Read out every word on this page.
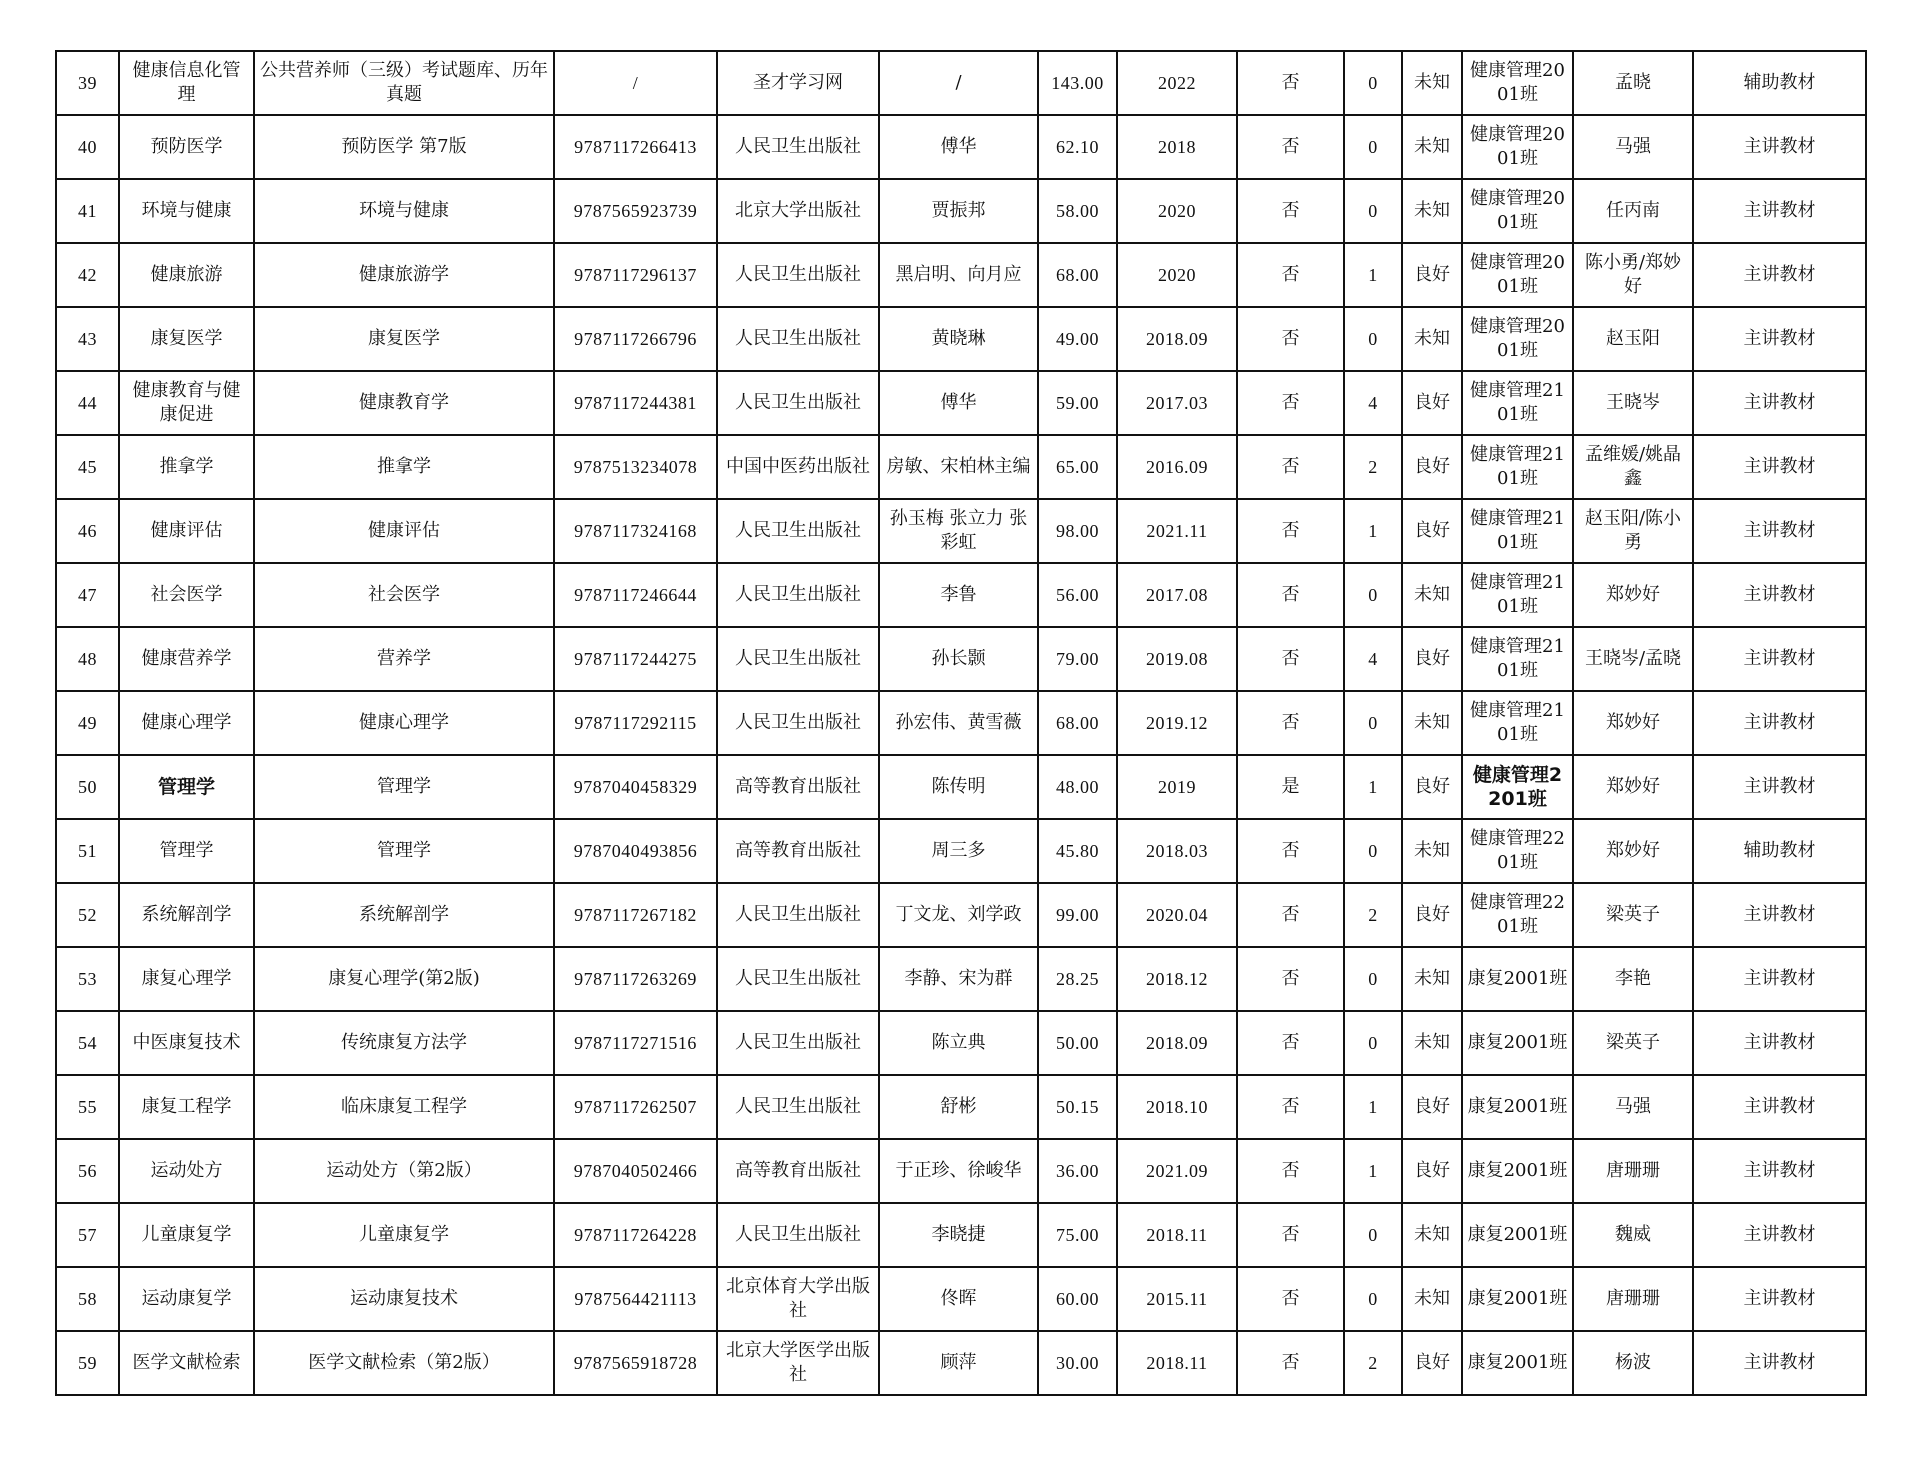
39	健康信息化管理	公共营养师（三级）考试题库、历年真题	/	圣才学习网	/	143.00	2022	否	0	未知	健康管理2001班	孟晓	辅助教材
40	预防医学	预防医学 第7版	9787117266413	人民卫生出版社	傅华	62.10	2018	否	0	未知	健康管理2001班	马强	主讲教材
41	环境与健康	环境与健康	9787565923739	北京大学出版社	贾振邦	58.00	2020	否	0	未知	健康管理2001班	任丙南	主讲教材
42	健康旅游	健康旅游学	9787117296137	人民卫生出版社	黑启明、向月应	68.00	2020	否	1	良好	健康管理2001班	陈小勇/郑妙好	主讲教材
43	康复医学	康复医学	9787117266796	人民卫生出版社	黄晓琳	49.00	2018.09	否	0	未知	健康管理2001班	赵玉阳	主讲教材
44	健康教育与健康促进	健康教育学	9787117244381	人民卫生出版社	傅华	59.00	2017.03	否	4	良好	健康管理2101班	王晓岑	主讲教材
45	推拿学	推拿学	9787513234078	中国中医药出版社	房敏、宋柏林主编	65.00	2016.09	否	2	良好	健康管理2101班	孟维媛/姚晶鑫	主讲教材
46	健康评估	健康评估	9787117324168	人民卫生出版社	孙玉梅 张立力 张彩虹	98.00	2021.11	否	1	良好	健康管理2101班	赵玉阳/陈小勇	主讲教材
47	社会医学	社会医学	9787117246644	人民卫生出版社	李鲁	56.00	2017.08	否	0	未知	健康管理2101班	郑妙好	主讲教材
48	健康营养学	营养学	9787117244275	人民卫生出版社	孙长颢	79.00	2019.08	否	4	良好	健康管理2101班	王晓岑/孟晓	主讲教材
49	健康心理学	健康心理学	9787117292115	人民卫生出版社	孙宏伟、黄雪薇	68.00	2019.12	否	0	未知	健康管理2101班	郑妙好	主讲教材
50	管理学	管理学	9787040458329	高等教育出版社	陈传明	48.00	2019	是	1	良好	健康管理2201班	郑妙好	主讲教材
51	管理学	管理学	9787040493856	高等教育出版社	周三多	45.80	2018.03	否	0	未知	健康管理2201班	郑妙好	辅助教材
52	系统解剖学	系统解剖学	9787117267182	人民卫生出版社	丁文龙、刘学政	99.00	2020.04	否	2	良好	健康管理2201班	梁英子	主讲教材
53	康复心理学	康复心理学(第2版)	9787117263269	人民卫生出版社	李静、宋为群	28.25	2018.12	否	0	未知	康复2001班	李艳	主讲教材
54	中医康复技术	传统康复方法学	9787117271516	人民卫生出版社	陈立典	50.00	2018.09	否	0	未知	康复2001班	梁英子	主讲教材
55	康复工程学	临床康复工程学	9787117262507	人民卫生出版社	舒彬	50.15	2018.10	否	1	良好	康复2001班	马强	主讲教材
56	运动处方	运动处方（第2版）	9787040502466	高等教育出版社	于正珍、徐峻华	36.00	2021.09	否	1	良好	康复2001班	唐珊珊	主讲教材
57	儿童康复学	儿童康复学	9787117264228	人民卫生出版社	李晓捷	75.00	2018.11	否	0	未知	康复2001班	魏威	主讲教材
58	运动康复学	运动康复技术	9787564421113	北京体育大学出版社	佟晖	60.00	2015.11	否	0	未知	康复2001班	唐珊珊	主讲教材
59	医学文献检索	医学文献检索（第2版）	9787565918728	北京大学医学出版社	顾萍	30.00	2018.11	否	2	良好	康复2001班	杨波	主讲教材
